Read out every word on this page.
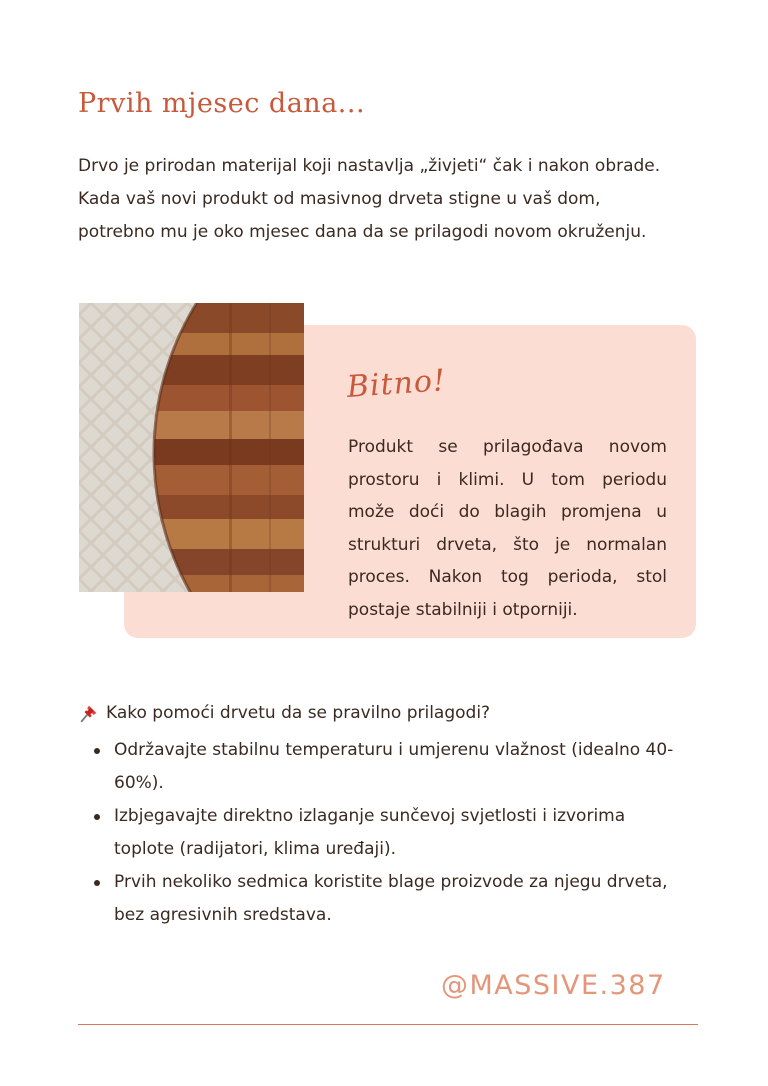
Prvih mjesec dana...

Drvo je prirodan materijal koji nastavlja „živjeti“ čak i nakon obrade.
Kada vaš novi produkt od masivnog drveta stigne u vaš dom,
potrebno mu je oko mjesec dana da se prilagodi novom okruženju.

Bitno!

Produkt se prilagođava novom
prostoru i klimi. U tom periodu
može doći do blagih promjena u
strukturi drveta, što je normalan
proces. Nakon tog perioda, stol
postaje stabilniji i otporniji.

Kako pomoći drvetu da se pravilno prilagodi?
Održavajte stabilnu temperaturu i umjerenu vlažnost (idealno 40-
60%).
Izbjegavajte direktno izlaganje sunčevoj svjetlosti i izvorima
toplote (radijatori, klima uređaji).
Prvih nekoliko sedmica koristite blage proizvode za njegu drveta,
bez agresivnih sredstava.
@MASSIVE.387
